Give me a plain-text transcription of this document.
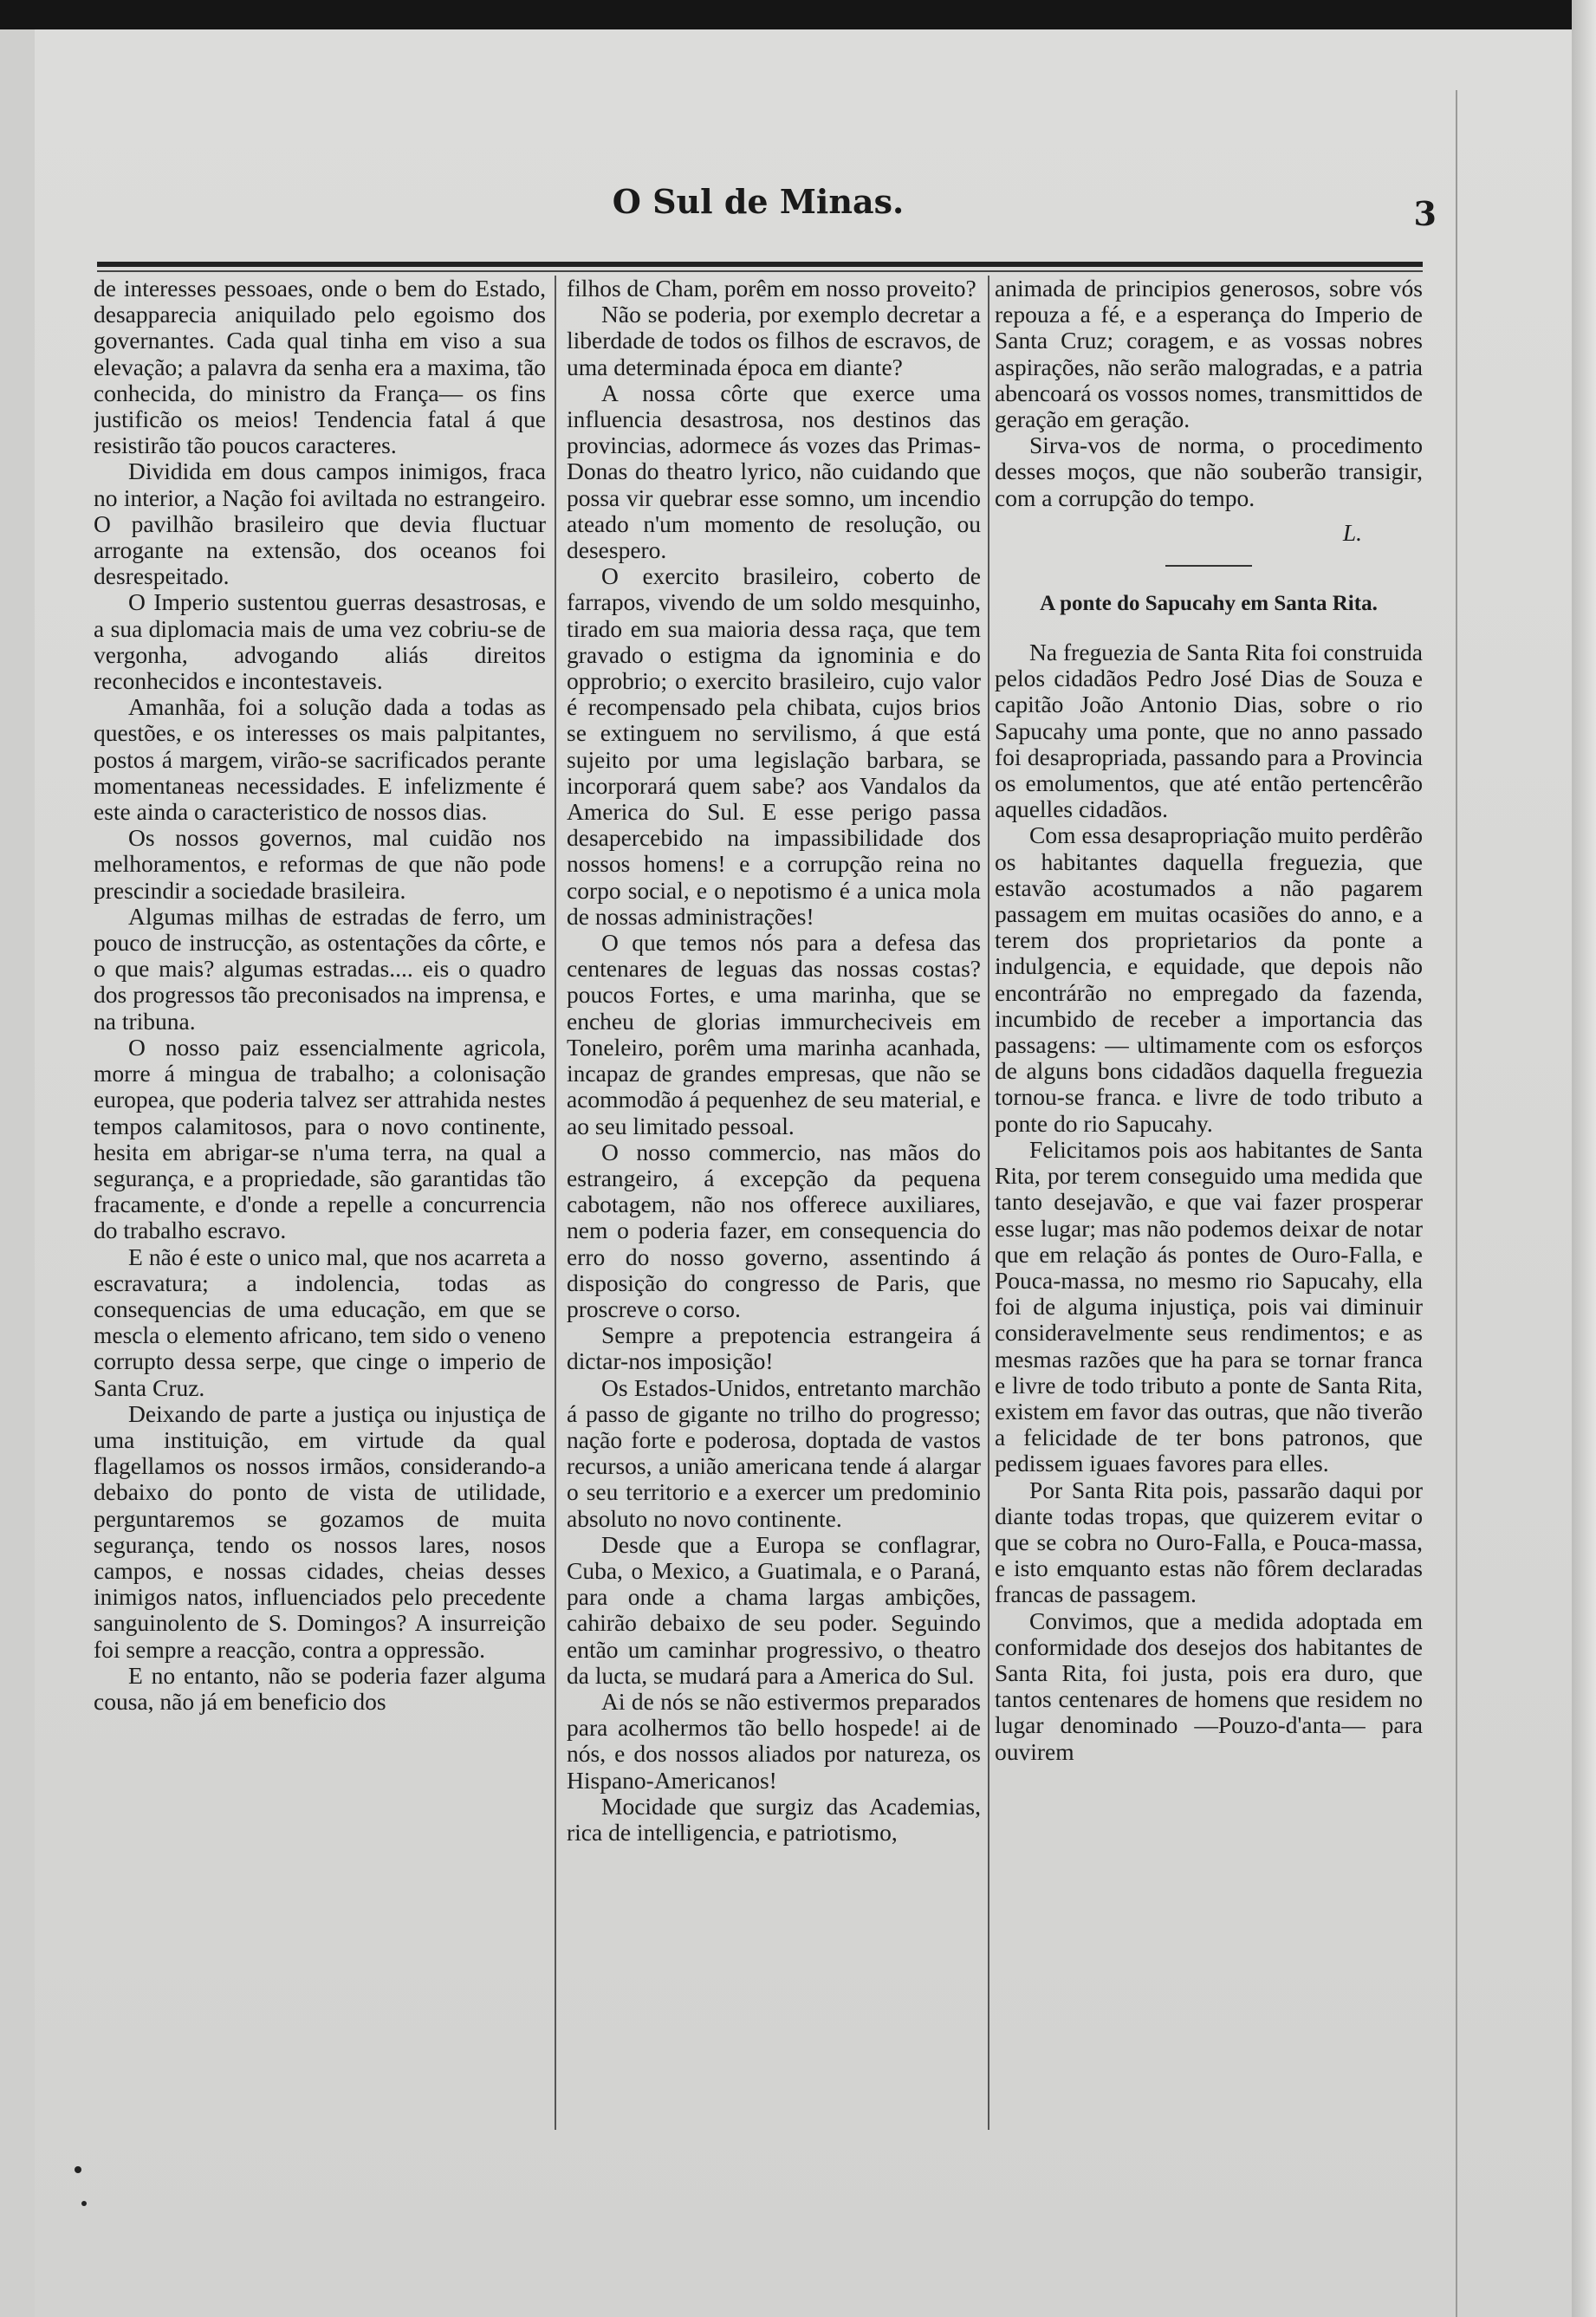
O Sul de Minas.	3

de interesses pessoaes, onde o bem do Estado, desapparecia aniquilado pelo egoismo dos governantes. Cada qual tinha em viso a sua elevação; a palavra da senha era a maxima, tão conhecida, do ministro da França— os fins justificão os meios! Tendencia fatal á que resistirão tão poucos caracteres.

Dividida em dous campos inimigos, fraca no interior, a Nação foi aviltada no estrangeiro. O pavilhão brasileiro que devia fluctuar arrogante na extensão, dos oceanos foi desrespeitado.

O Imperio sustentou guerras desastrosas, e a sua diplomacia mais de uma vez cobriu-se de vergonha, advogando aliás direitos reconhecidos e incontestaveis.

Amanhãa, foi a solução dada a todas as questões, e os interesses os mais palpitantes, postos á margem, virão-se sacrificados perante momentaneas necessidades. E infelizmente é este ainda o caracteristico de nossos dias.

Os nossos governos, mal cuidão nos melhoramentos, e reformas de que não pode prescindir a sociedade brasileira.

Algumas milhas de estradas de ferro, um pouco de instrucção, as ostentações da côrte, e o que mais? algumas estradas.... eis o quadro dos progressos tão preconisados na imprensa, e na tribuna.

O nosso paiz essencialmente agricola, morre á mingua de trabalho; a colonisação europea, que poderia talvez ser attrahida nestes tempos calamitosos, para o novo continente, hesita em abrigar-se n'uma terra, na qual a segurança, e a propriedade, são garantidas tão fracamente, e d'onde a repelle a concurrencia do trabalho escravo.

E não é este o unico mal, que nos acarreta a escravatura; a indolencia, todas as consequencias de uma educação, em que se mescla o elemento africano, tem sido o veneno corrupto dessa serpe, que cinge o imperio de Santa Cruz.

Deixando de parte a justiça ou injustiça de uma instituição, em virtude da qual flagellamos os nossos irmãos, considerando-a debaixo do ponto de vista de utilidade, perguntaremos se gozamos de muita segurança, tendo os nossos lares, nosos campos, e nossas cidades, cheias desses inimigos natos, influenciados pelo precedente sanguinolento de S. Domingos? A insurreição foi sempre a reacção, contra a oppressão.

E no entanto, não se poderia fazer alguma cousa, não já em beneficio dos

filhos de Cham, porêm em nosso proveito?

Não se poderia, por exemplo decretar a liberdade de todos os filhos de escravos, de uma determinada época em diante?

A nossa côrte que exerce uma influencia desastrosa, nos destinos das provincias, adormece ás vozes das Primas-Donas do theatro lyrico, não cuidando que possa vir quebrar esse somno, um incendio ateado n'um momento de resolução, ou desespero.

O exercito brasileiro, coberto de farrapos, vivendo de um soldo mesquinho, tirado em sua maioria dessa raça, que tem gravado o estigma da ignominia e do opprobrio; o exercito brasileiro, cujo valor é recompensado pela chibata, cujos brios se extinguem no servilismo, á que está sujeito por uma legislação barbara, se incorporará quem sabe? aos Vandalos da America do Sul. E esse perigo passa desapercebido na impassibilidade dos nossos homens! e a corrupção reina no corpo social, e o nepotismo é a unica mola de nossas administrações!

O que temos nós para a defesa das centenares de leguas das nossas costas? poucos Fortes, e uma marinha, que se encheu de glorias immurcheciveis em Toneleiro, porêm uma marinha acanhada, incapaz de grandes empresas, que não se acommodão á pequenhez de seu material, e ao seu limitado pessoal.

O nosso commercio, nas mãos do estrangeiro, á excepção da pequena cabotagem, não nos offerece auxiliares, nem o poderia fazer, em consequencia do erro do nosso governo, assentindo á disposição do congresso de Paris, que proscreve o corso.

Sempre a prepotencia estrangeira á dictar-nos imposição!

Os Estados-Unidos, entretanto marchão á passo de gigante no trilho do progresso; nação forte e poderosa, doptada de vastos recursos, a união americana tende á alargar o seu territorio e a exercer um predominio absoluto no novo continente.

Desde que a Europa se conflagrar, Cuba, o Mexico, a Guatimala, e o Paraná, para onde a chama largas ambições, cahirão debaixo de seu poder. Seguindo então um caminhar progressivo, o theatro da lucta, se mudará para a America do Sul.

Ai de nós se não estivermos preparados para acolhermos tão bello hospede! ai de nós, e dos nossos aliados por natureza, os Hispano-Americanos!

Mocidade que surgiz das Academias, rica de intelligencia, e patriotismo,

animada de principios generosos, sobre vós repouza a fé, e a esperança do Imperio de Santa Cruz; coragem, e as vossas nobres aspirações, não serão malogradas, e a patria abencoará os vossos nomes, transmittidos de geração em geração.

Sirva-vos de norma, o procedimento desses moços, que não souberão transigir, com a corrupção do tempo.

L.
A ponte do Sapucahy em Santa Rita.

Na freguezia de Santa Rita foi construida pelos cidadãos Pedro José Dias de Souza e capitão João Antonio Dias, sobre o rio Sapucahy uma ponte, que no anno passado foi desapropriada, passando para a Provincia os emolumentos, que até então pertencêrão aquelles cidadãos.

Com essa desapropriação muito perdêrão os habitantes daquella freguezia, que estavão acostumados a não pagarem passagem em muitas ocasiões do anno, e a terem dos proprietarios da ponte a indulgencia, e equidade, que depois não encontrárão no empregado da fazenda, incumbido de receber a importancia das passagens: — ultimamente com os esforços de alguns bons cidadãos daquella freguezia tornou-se franca. e livre de todo tributo a ponte do rio Sapucahy.

Felicitamos pois aos habitantes de Santa Rita, por terem conseguido uma medida que tanto desejavão, e que vai fazer prosperar esse lugar; mas não podemos deixar de notar que em relação ás pontes de Ouro-Falla, e Pouca-massa, no mesmo rio Sapucahy, ella foi de alguma injustiça, pois vai diminuir consideravelmente seus rendimentos; e as mesmas razões que ha para se tornar franca e livre de todo tributo a ponte de Santa Rita, existem em favor das outras, que não tiverão a felicidade de ter bons patronos, que pedissem iguaes favores para elles.

Por Santa Rita pois, passarão daqui por diante todas tropas, que quizerem evitar o que se cobra no Ouro-Falla, e Pouca-massa, e isto emquanto estas não fôrem declaradas francas de passagem.

Convimos, que a medida adoptada em conformidade dos desejos dos habitantes de Santa Rita, foi justa, pois era duro, que tantos centenares de homens que residem no lugar denominado —Pouzo-d'anta— para ouvirem
